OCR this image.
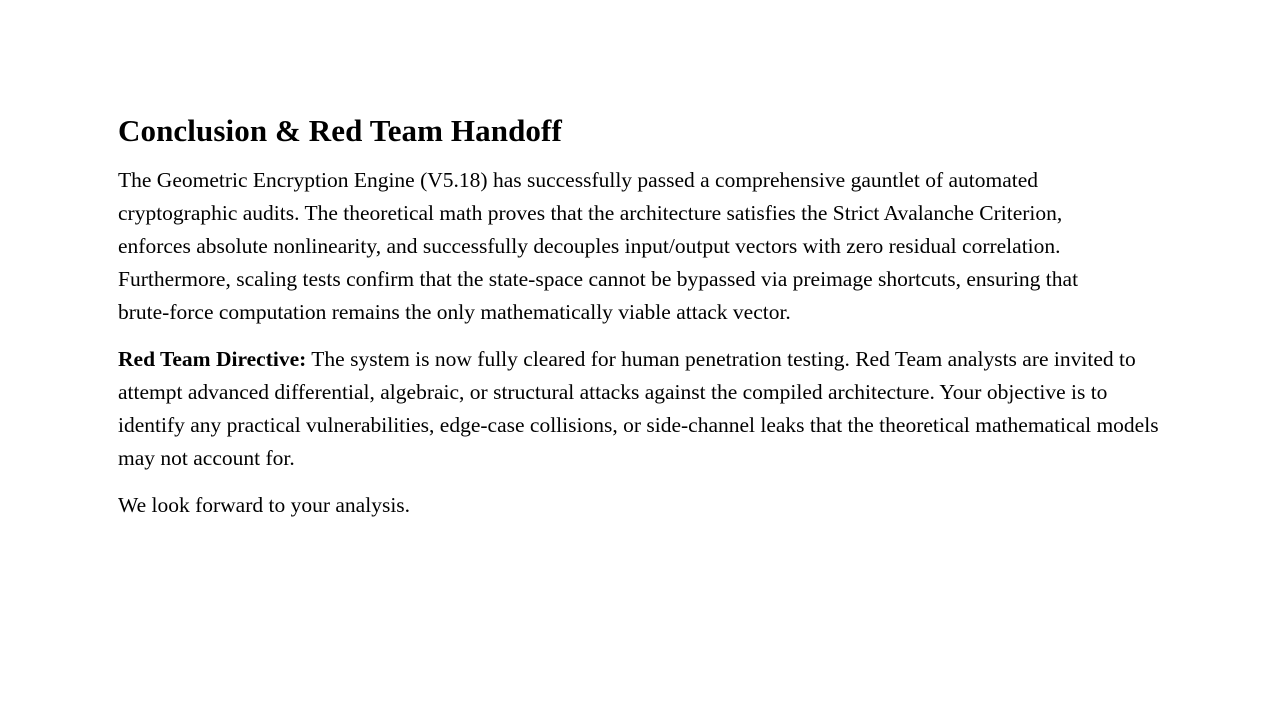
Conclusion & Red Team Handoff

The Geometric Encryption Engine (V5.18) has successfully passed a comprehensive gauntlet of automated cryptographic audits. The theoretical math proves that the architecture satisfies the Strict Avalanche Criterion, enforces absolute nonlinearity, and successfully decouples input/output vectors with zero residual correlation. Furthermore, scaling tests confirm that the state-space cannot be bypassed via preimage shortcuts, ensuring that brute-force computation remains the only mathematically viable attack vector.

Red Team Directive: The system is now fully cleared for human penetration testing. Red Team analysts are invited to attempt advanced differential, algebraic, or structural attacks against the compiled architecture. Your objective is to identify any practical vulnerabilities, edge-case collisions, or side-channel leaks that the theoretical mathematical models may not account for.

We look forward to your analysis.
